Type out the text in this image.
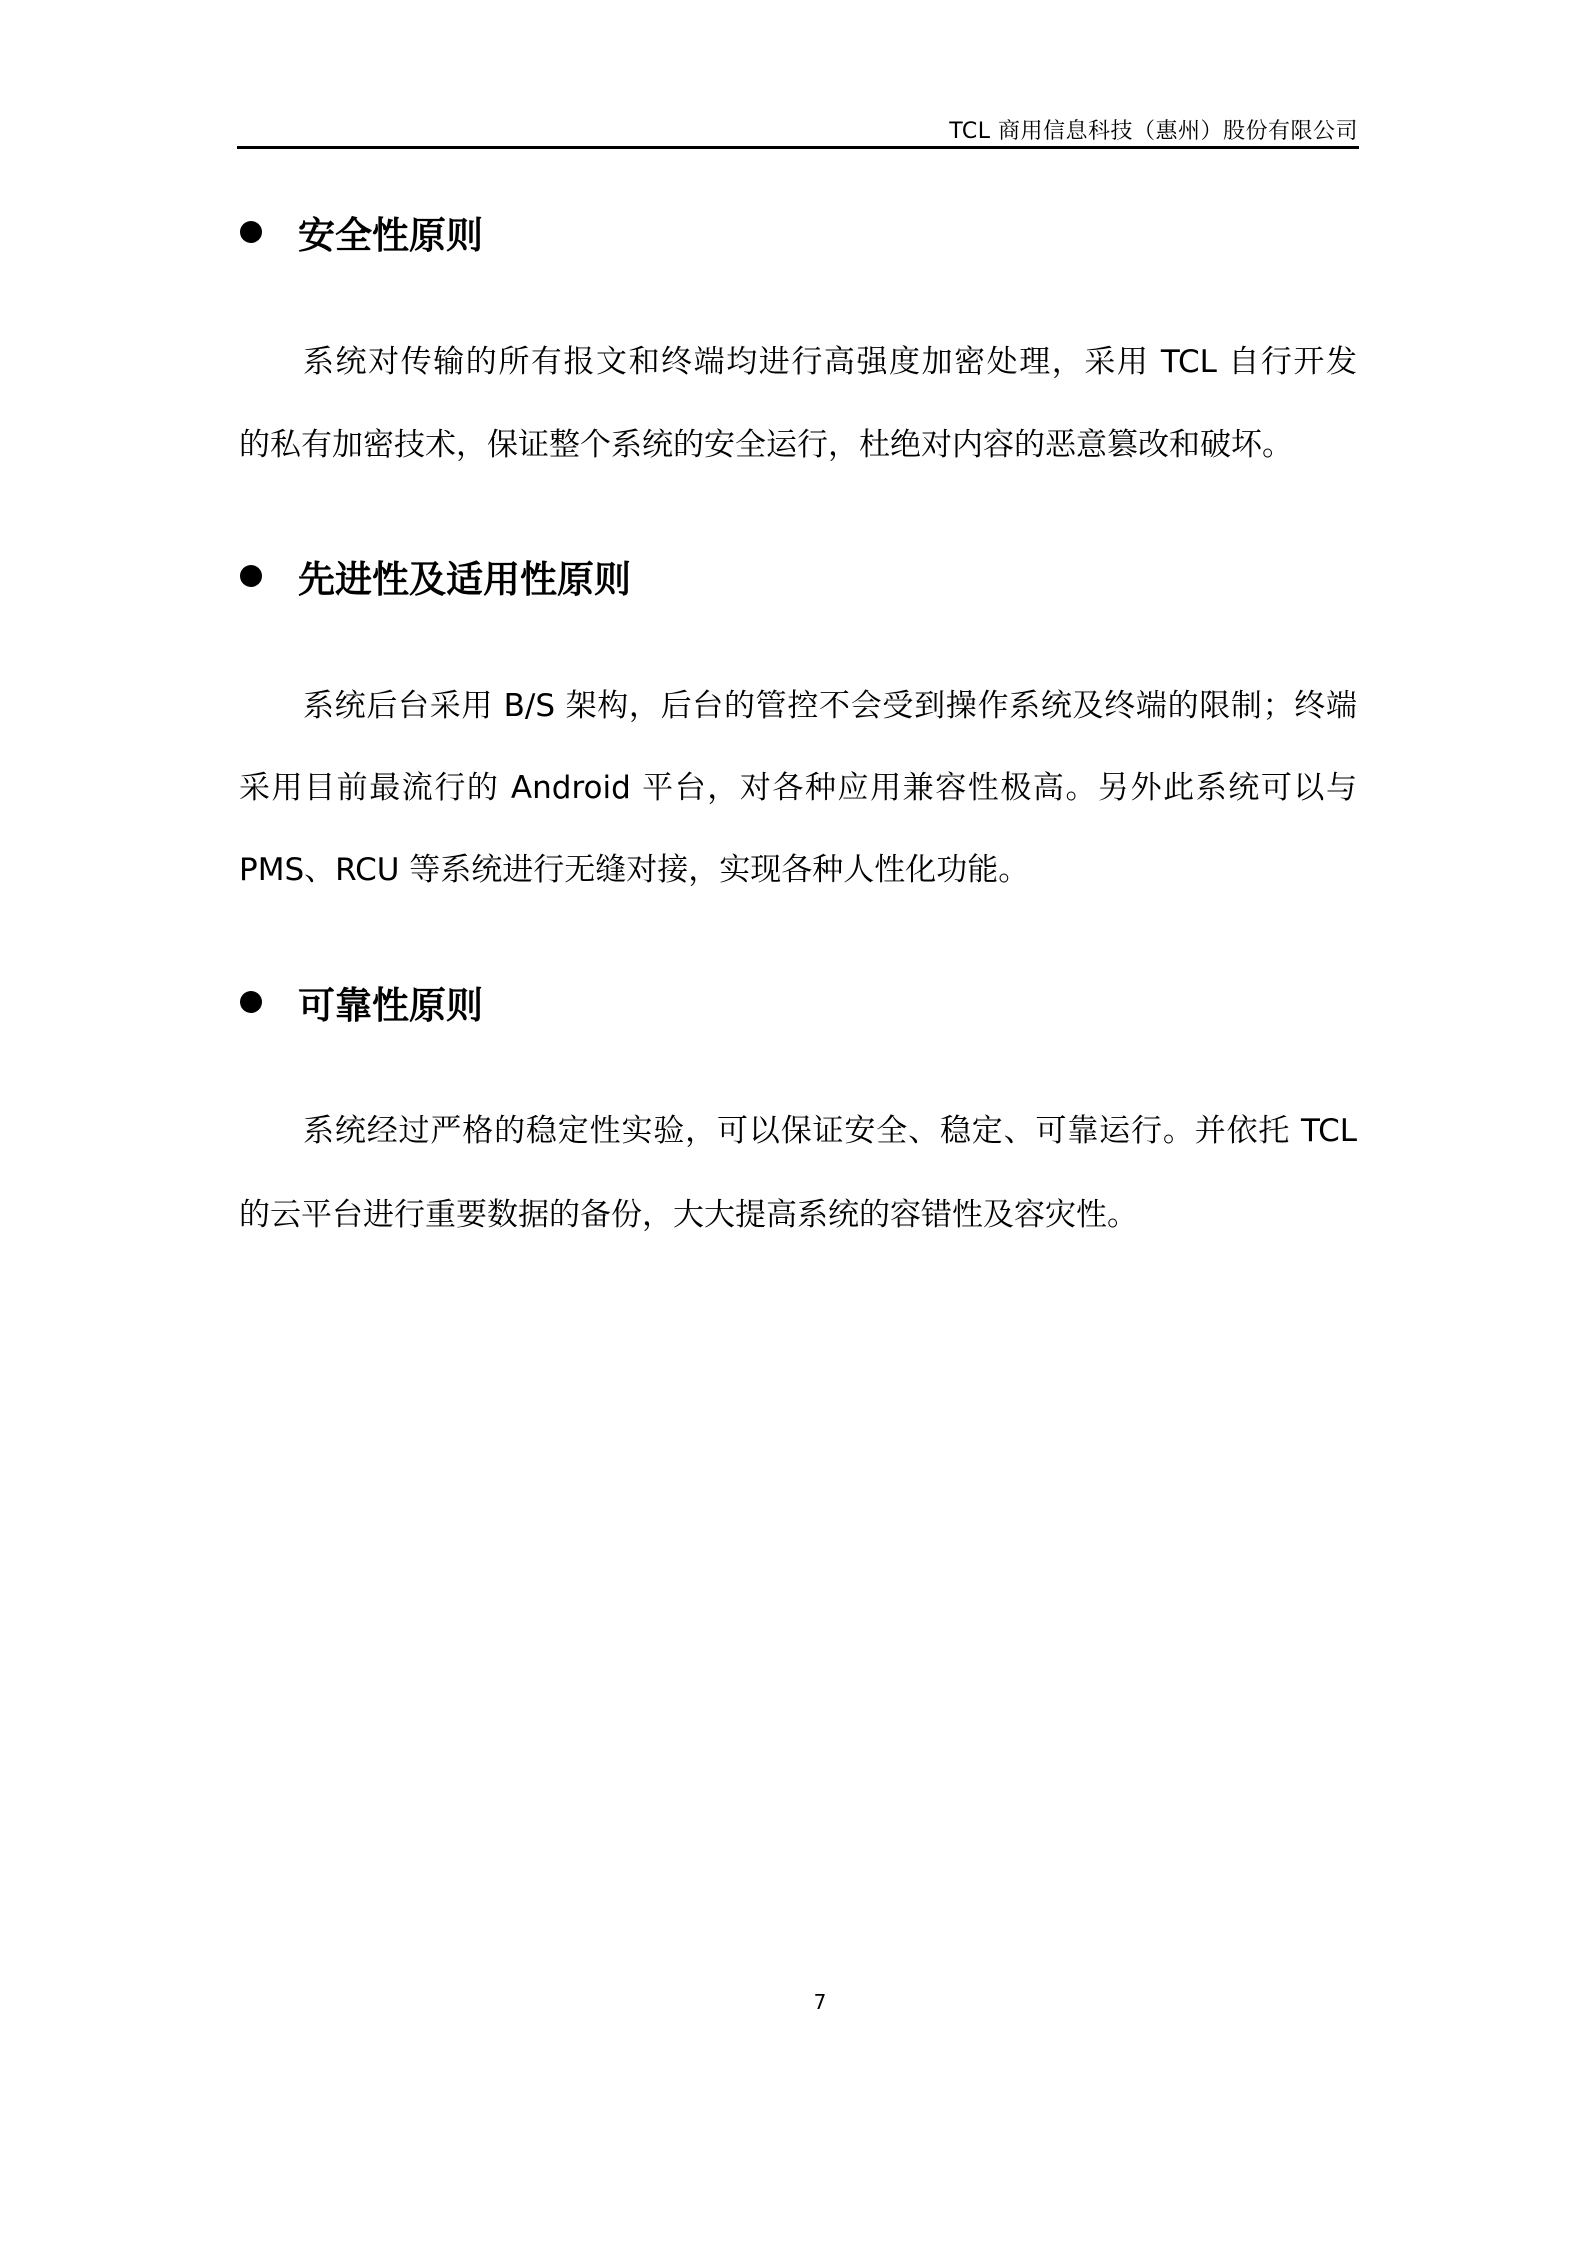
TCL 商用信息科技（惠州）股份有限公司
安全性原则
系统对传输的所有报文和终端均进行高强度加密处理，采用 TCL 自行开发
的私有加密技术，保证整个系统的安全运行，杜绝对内容的恶意篡改和破坏。
先进性及适用性原则
系统后台采用 B/S 架构，后台的管控不会受到操作系统及终端的限制；终端
采用目前最流行的 Android 平台，对各种应用兼容性极高。另外此系统可以与
PMS、RCU 等系统进行无缝对接，实现各种人性化功能。
可靠性原则
系统经过严格的稳定性实验，可以保证安全、稳定、可靠运行。并依托 TCL
的云平台进行重要数据的备份，大大提高系统的容错性及容灾性。
7
